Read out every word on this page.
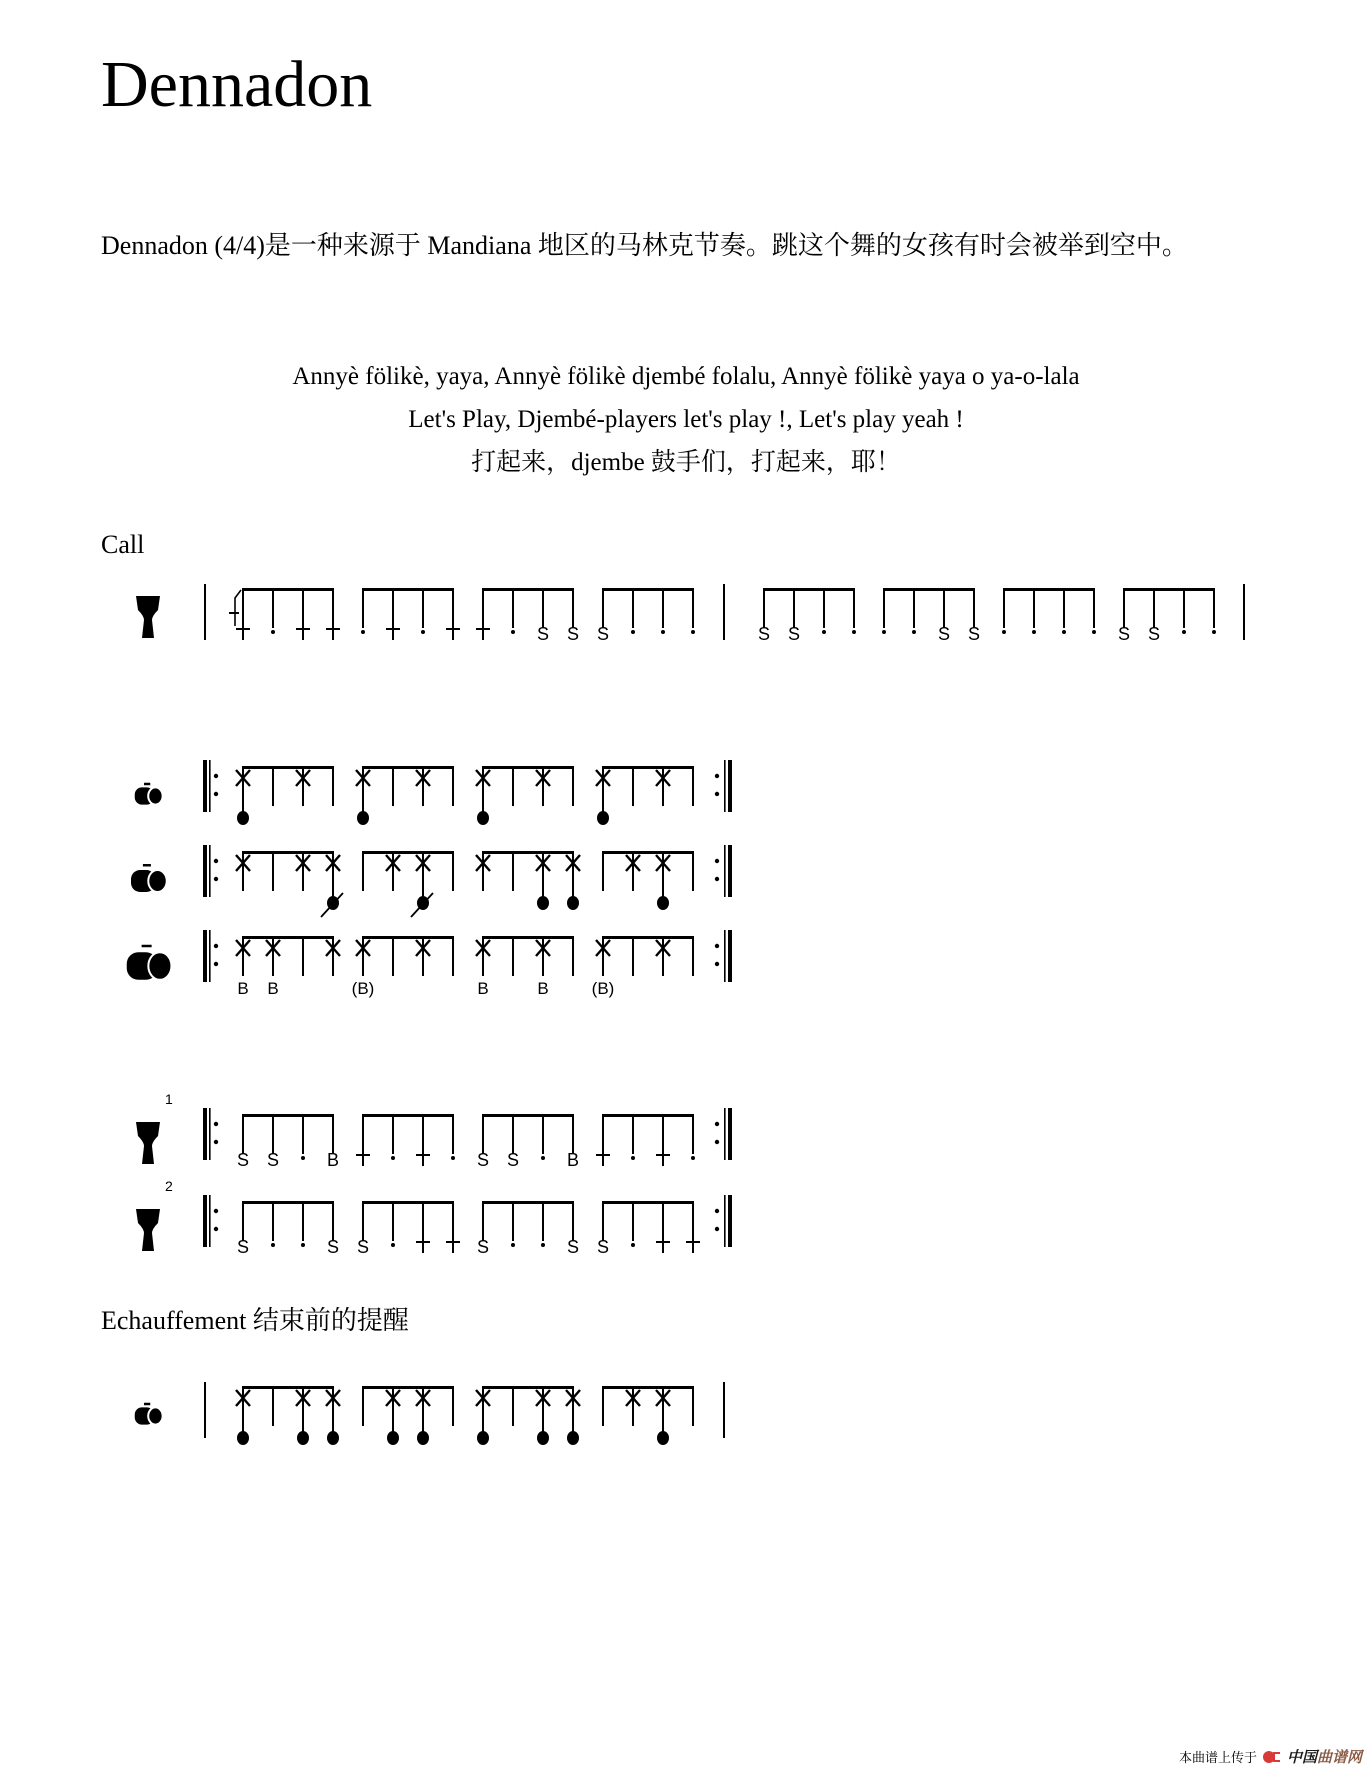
Dennadon

Dennadon (4/4)是一种来源于 Mandiana 地区的马林克节奏。跳这个舞的女孩有时会被举到空中。

Annyè fölikè, yaya, Annyè fölikè djembé folalu, Annyè fölikè yaya o ya-o-lala
Let's Play, Djembé-players let's play !, Let's play yeah !
打起来，djembe 鼓手们，打起来，耶！
Call
Echauffement 结束前的提醒
S S S	S S	S S	S S
B B	(B)	B	B	(B)
1
S S	B	S S	B
2
S	S S	S	S S
本曲谱上传于 中国曲谱网
